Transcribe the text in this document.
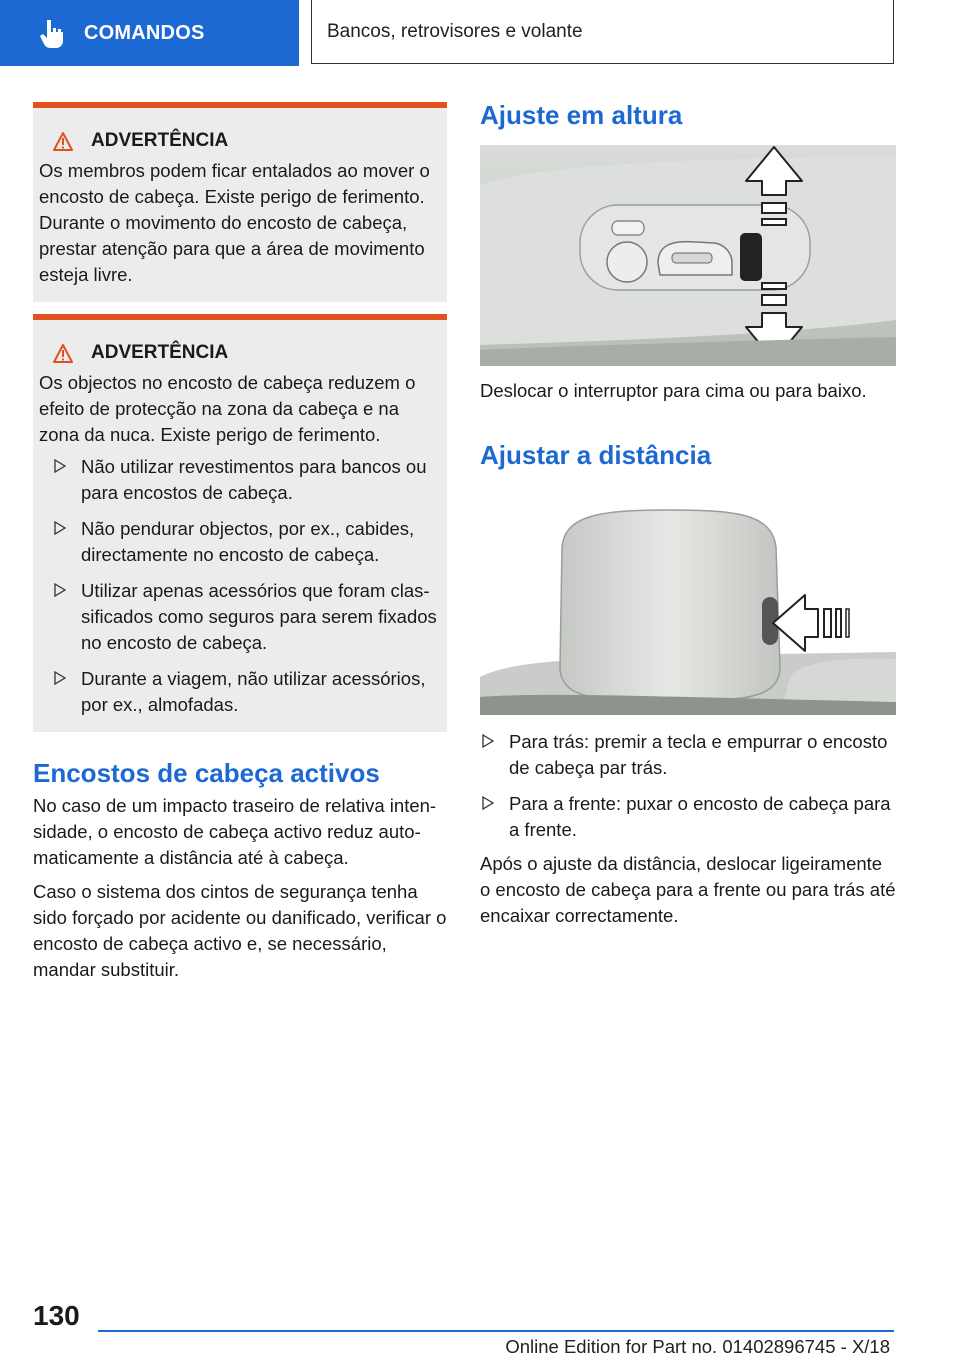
COMANDOS	Bancos, retrovisores e volante
ADVERTÊNCIA

Os membros podem ficar entalados ao mover o encosto de cabeça. Existe perigo de ferimento. Durante o movimento do encosto de cabeça, prestar atenção para que a área de movimento esteja livre.

ADVERTÊNCIA

Os objectos no encosto de cabeça reduzem o efeito de protecção na zona da cabeça e na zona da nuca. Existe perigo de ferimento.

Não utilizar revestimentos para bancos ou para encostos de cabeça.
Não pendurar objectos, por ex., cabides, directamente no encosto de cabeça.
Utilizar apenas acessórios que foram classificados como seguros para serem fixados no encosto de cabeça.
Durante a viagem, não utilizar acessórios, por ex., almofadas.
Encostos de cabeça activos

No caso de um impacto traseiro de relativa intensidade, o encosto de cabeça activo reduz automaticamente a distância até à cabeça.

Caso o sistema dos cintos de segurança tenha sido forçado por acidente ou danificado, verificar o encosto de cabeça activo e, se necessário, mandar substituir.

Ajuste em altura

Deslocar o interruptor para cima ou para baixo.

Ajustar a distância
Para trás: premir a tecla e empurrar o encosto de cabeça par trás.
Para a frente: puxar o encosto de cabeça para a frente.

Após o ajuste da distância, deslocar ligeiramente o encosto de cabeça para a frente ou para trás até encaixar correctamente.

130
Online Edition for Part no. 01402896745 - X/18
